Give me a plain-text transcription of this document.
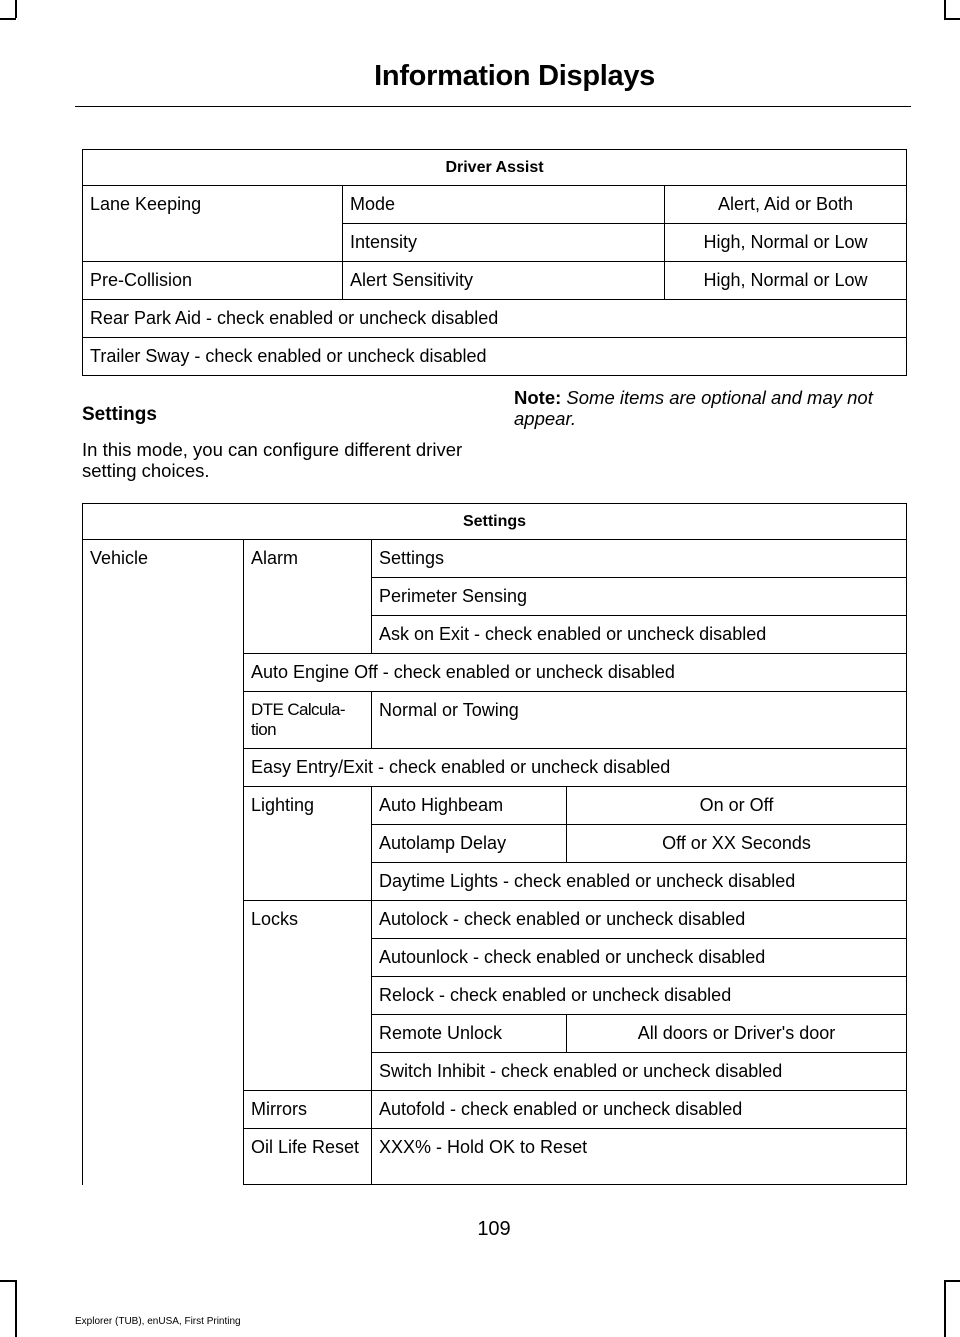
Information Displays
Driver Assist		
Lane Keeping	Mode	Alert, Aid or Both
	Intensity	High, Normal or Low
Pre-Collision	Alert Sensitivity	High, Normal or Low
Rear Park Aid - check enabled or uncheck disabled		
Trailer Sway - check enabled or uncheck disabled		
Settings
In this mode, you can configure different driver setting choices.
Note: Some items are optional and may not appear.
Settings			
Vehicle	Alarm	Settings	
		Perimeter Sensing	
		Ask on Exit - check enabled or uncheck disabled	
	Auto Engine Off - check enabled or uncheck disabled		
	DTE Calcula-tion	Normal or Towing	
	Easy Entry/Exit - check enabled or uncheck disabled		
	Lighting	Auto Highbeam	On or Off
		Autolamp Delay	Off or XX Seconds
		Daytime Lights - check enabled or uncheck disabled	
	Locks	Autolock - check enabled or uncheck disabled	
		Autounlock - check enabled or uncheck disabled	
		Relock - check enabled or uncheck disabled	
		Remote Unlock	All doors or Driver's door
		Switch Inhibit - check enabled or uncheck disabled	
	Mirrors	Autofold - check enabled or uncheck disabled	
	Oil Life Reset	XXX% - Hold OK to Reset	
109
Explorer (TUB), enUSA, First Printing
